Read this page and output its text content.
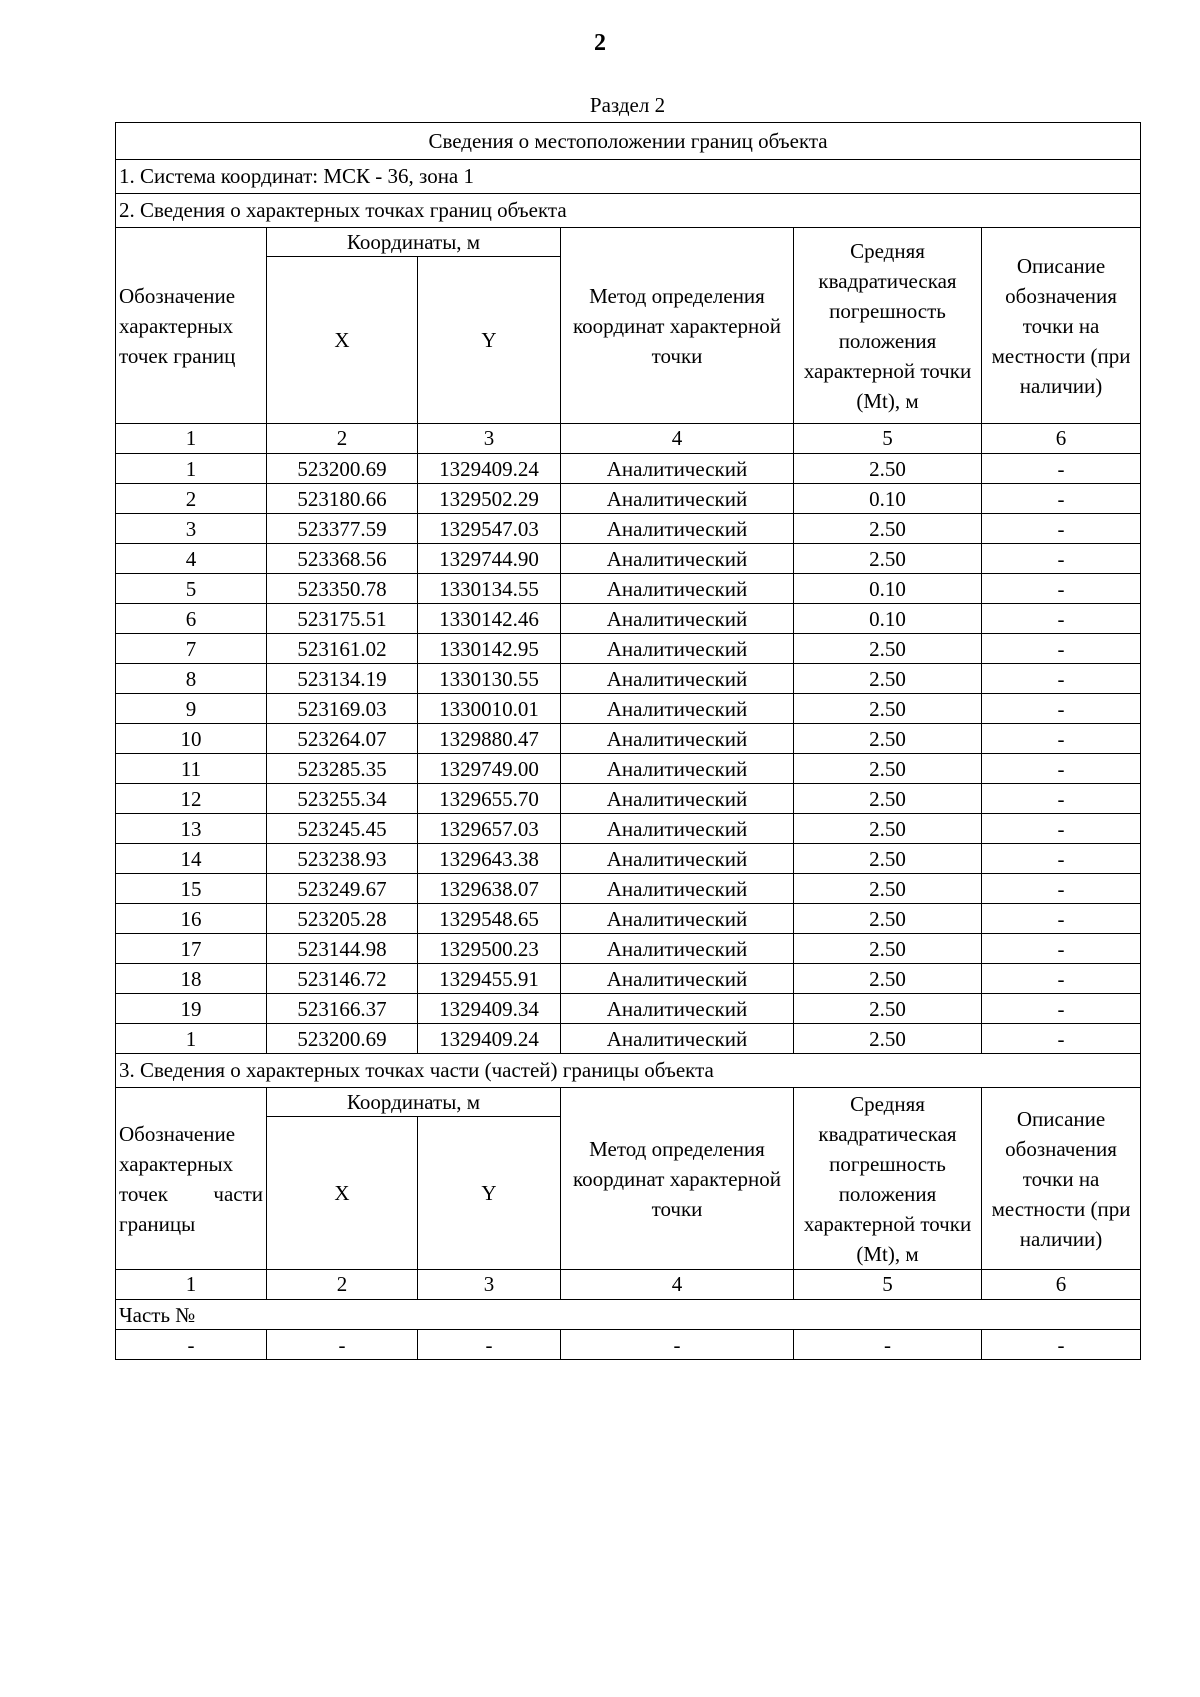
2
Раздел 2
Сведения о местоположении границ объекта					
1. Система координат: МСК - 36, зона 1					
2. Сведения о характерных точках границ объекта					
Обозначение характерных точек границ	Координаты, м		Метод определения координат характерной точки	Средняя квадратическая погрешность положения характерной точки (Mt), м	Описание обозначения точки на местности (при наличии)
	X	Y			
1	2	3	4	5	6
1	523200.69	1329409.24	Аналитический	2.50	-
2	523180.66	1329502.29	Аналитический	0.10	-
3	523377.59	1329547.03	Аналитический	2.50	-
4	523368.56	1329744.90	Аналитический	2.50	-
5	523350.78	1330134.55	Аналитический	0.10	-
6	523175.51	1330142.46	Аналитический	0.10	-
7	523161.02	1330142.95	Аналитический	2.50	-
8	523134.19	1330130.55	Аналитический	2.50	-
9	523169.03	1330010.01	Аналитический	2.50	-
10	523264.07	1329880.47	Аналитический	2.50	-
11	523285.35	1329749.00	Аналитический	2.50	-
12	523255.34	1329655.70	Аналитический	2.50	-
13	523245.45	1329657.03	Аналитический	2.50	-
14	523238.93	1329643.38	Аналитический	2.50	-
15	523249.67	1329638.07	Аналитический	2.50	-
16	523205.28	1329548.65	Аналитический	2.50	-
17	523144.98	1329500.23	Аналитический	2.50	-
18	523146.72	1329455.91	Аналитический	2.50	-
19	523166.37	1329409.34	Аналитический	2.50	-
1	523200.69	1329409.24	Аналитический	2.50	-
3. Сведения о характерных точках части (частей) границы объекта					
Обозначение характерных точек части границы	Координаты, м		Метод определения координат характерной точки	Средняя квадратическая погрешность положения характерной точки (Mt), м	Описание обозначения точки на местности (при наличии)
	X	Y			
1	2	3	4	5	6
Часть №					
-	-	-	-	-	-
